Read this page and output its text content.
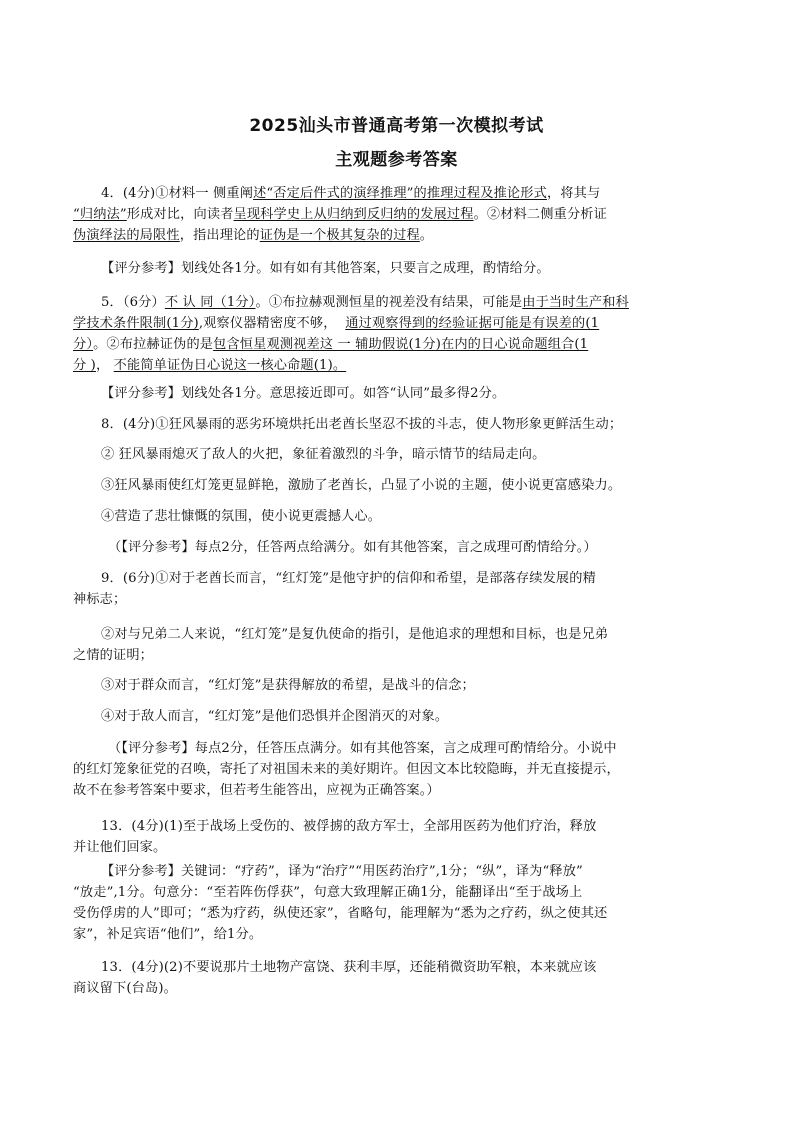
2025汕头市普通高考第一次模拟考试
主观题参考答案
4．(4分)①材料一 侧重阐述“否定后件式的演绎推理”的推理过程及推论形式，将其与
“归纳法”形成对比，向读者呈现科学史上从归纳到反归纳的发展过程。②材料二侧重分析证
伪演绎法的局限性，指出理论的证伪是一个极其复杂的过程。
【评分参考】划线处各1分。如有如有其他答案，只要言之成理，酌情给分。
5．（6分）不 认 同（1分）。①布拉赫观测恒星的视差没有结果，可能是由于当时生产和科
学技术条件限制(1分),观察仪器精密度不够，  通过观察得到的经验证据可能是有误差的(1
分）。②布拉赫证伪的是包含恒星观测视差这 一 辅助假说(1分)在内的日心说命题组合(1
分 )， 不能简单证伪日心说这一核心命题(1)。
【评分参考】划线处各1分。意思接近即可。如答“认同”最多得2分。
8．(4分)①狂风暴雨的恶劣环境烘托出老酋长坚忍不拔的斗志，使人物形象更鲜活生动；
② 狂风暴雨熄灭了敌人的火把，象征着激烈的斗争，暗示情节的结局走向。
③狂风暴雨使红灯笼更显鲜艳，激励了老酋长，凸显了小说的主题，使小说更富感染力。
④营造了悲壮慷慨的氛围，使小说更震撼人心。
（【评分参考】每点2分，任答两点给满分。如有其他答案，言之成理可酌情给分。）
9．(6分)①对于老酋长而言，“红灯笼”是他守护的信仰和希望，是部落存续发展的精
神标志；
②对与兄弟二人来说，“红灯笼”是复仇使命的指引，是他追求的理想和目标，也是兄弟
之情的证明；
③对于群众而言，“红灯笼”是获得解放的希望，是战斗的信念；
④对于敌人而言，“红灯笼”是他们恐惧并企图消灭的对象。
（【评分参考】每点2分，任答压点满分。如有其他答案，言之成理可酌情给分。小说中
的红灯笼象征党的召唤，寄托了对祖国未来的美好期许。但因文本比较隐晦，并无直接提示，
故不在参考答案中要求，但若考生能答出，应视为正确答案。）
13．(4分)(1)至于战场上受伤的、被俘掳的敌方军士，全部用医药为他们疗治，释放
并让他们回家。
【评分参考】关键词：“疗药”，译为“治疗”“用医药治疗”,1分；“纵”，译为“释放”
“放走”,1分。句意分：“至若阵伤俘获”，句意大致理解正确1分，能翻译出“至于战场上
受伤俘虏的人”即可；“悉为疗药，纵使还家”，省略句，能理解为“悉为之疗药，纵之使其还
家”，补足宾语“他们”，给1分。
13．(4分)(2)不要说那片土地物产富饶、获利丰厚，还能稍微资助军粮，本来就应该
商议留下(台岛)。
